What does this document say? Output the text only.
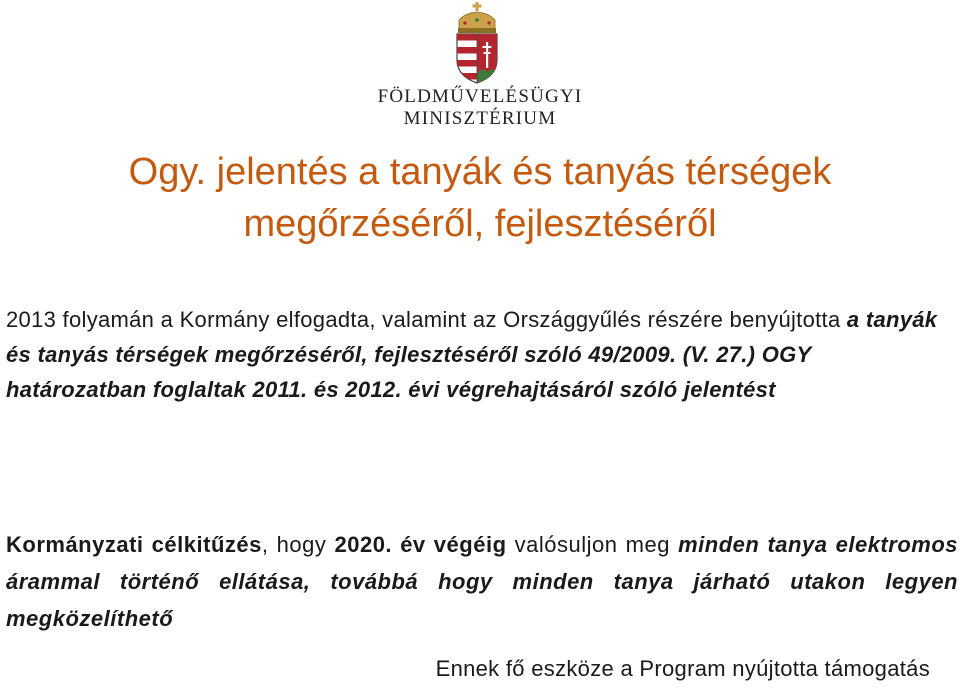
FÖLDMŰVELÉSÜGYI
MINISZTÉRIUM
Ogy. jelentés a tanyák és tanyás térségek
megőrzéséről, fejlesztéséről
2013 folyamán a Kormány elfogadta, valamint az Országgyűlés részére benyújtotta a tanyák és tanyás térségek megőrzéséről, fejlesztéséről szóló 49/2009. (V. 27.) OGY határozatban foglaltak 2011. és 2012. évi végrehajtásáról szóló jelentést
Kormányzati célkitűzés, hogy 2020. év végéig valósuljon meg minden tanya elektromos árammal történő ellátása, továbbá hogy minden tanya járható utakon legyen megközelíthető
Ennek fő eszköze a Program nyújtotta támogatás
